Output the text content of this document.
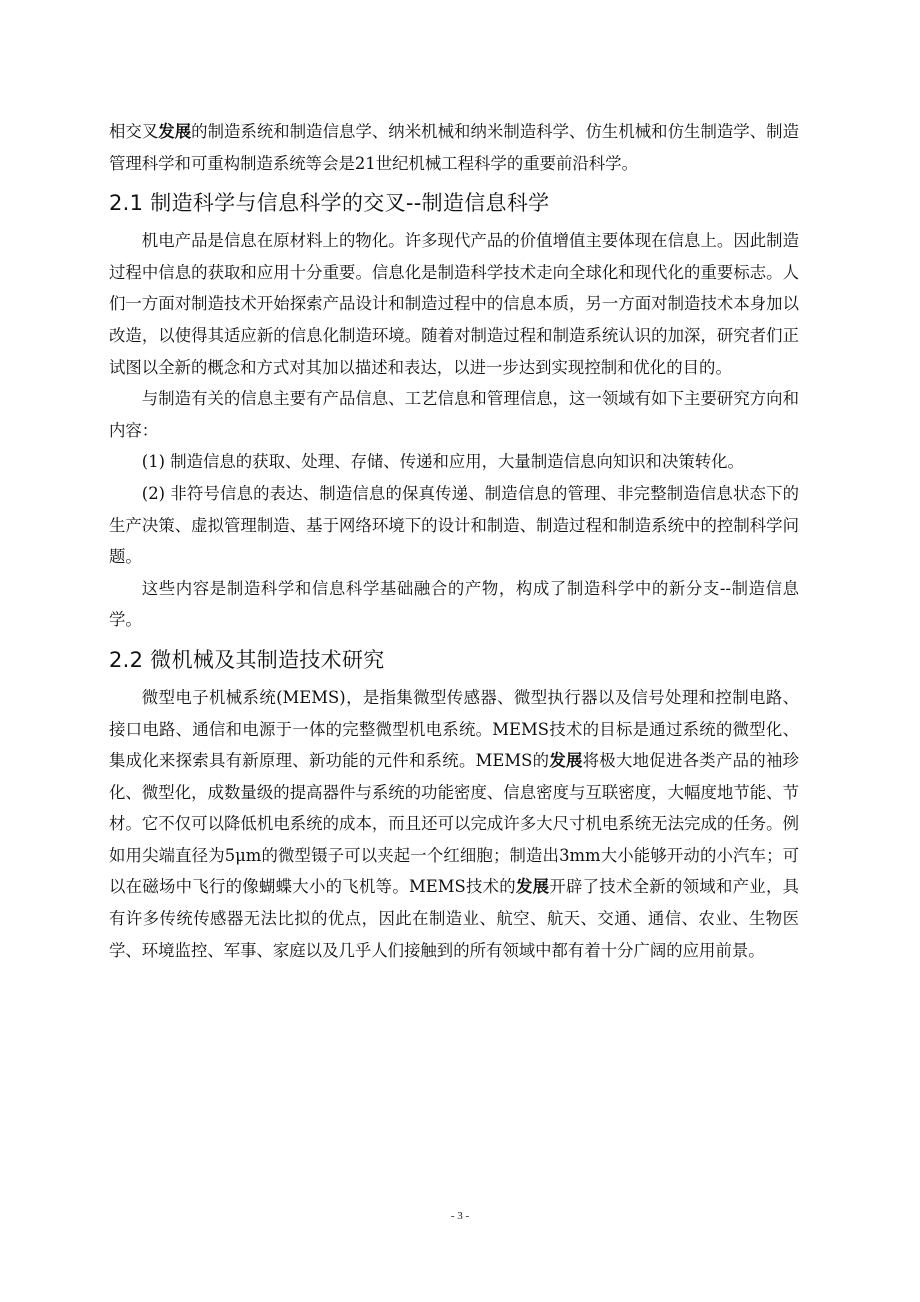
相交叉发展的制造系统和制造信息学、纳米机械和纳米制造科学、仿生机械和仿生制造学、制造管理科学和可重构制造系统等会是21世纪机械工程科学的重要前沿科学。

2.1 制造科学与信息科学的交叉--制造信息科学

机电产品是信息在原材料上的物化。许多现代产品的价值增值主要体现在信息上。因此制造过程中信息的获取和应用十分重要。信息化是制造科学技术走向全球化和现代化的重要标志。人们一方面对制造技术开始探索产品设计和制造过程中的信息本质，另一方面对制造技术本身加以改造，以使得其适应新的信息化制造环境。随着对制造过程和制造系统认识的加深，研究者们正试图以全新的概念和方式对其加以描述和表达，以进一步达到实现控制和优化的目的。

与制造有关的信息主要有产品信息、工艺信息和管理信息，这一领域有如下主要研究方向和内容：

(1) 制造信息的获取、处理、存储、传递和应用，大量制造信息向知识和决策转化。

(2) 非符号信息的表达、制造信息的保真传递、制造信息的管理、非完整制造信息状态下的生产决策、虚拟管理制造、基于网络环境下的设计和制造、制造过程和制造系统中的控制科学问题。

这些内容是制造科学和信息科学基础融合的产物，构成了制造科学中的新分支--制造信息学。

2.2 微机械及其制造技术研究

微型电子机械系统(MEMS)，是指集微型传感器、微型执行器以及信号处理和控制电路、接口电路、通信和电源于一体的完整微型机电系统。MEMS技术的目标是通过系统的微型化、集成化来探索具有新原理、新功能的元件和系统。MEMS的发展将极大地促进各类产品的袖珍化、微型化，成数量级的提高器件与系统的功能密度、信息密度与互联密度，大幅度地节能、节材。它不仅可以降低机电系统的成本，而且还可以完成许多大尺寸机电系统无法完成的任务。例如用尖端直径为5μm的微型镊子可以夹起一个红细胞；制造出3mm大小能够开动的小汽车；可以在磁场中飞行的像蝴蝶大小的飞机等。MEMS技术的发展开辟了技术全新的领域和产业，具有许多传统传感器无法比拟的优点，因此在制造业、航空、航天、交通、通信、农业、生物医学、环境监控、军事、家庭以及几乎人们接触到的所有领域中都有着十分广阔的应用前景。

- 3 -
